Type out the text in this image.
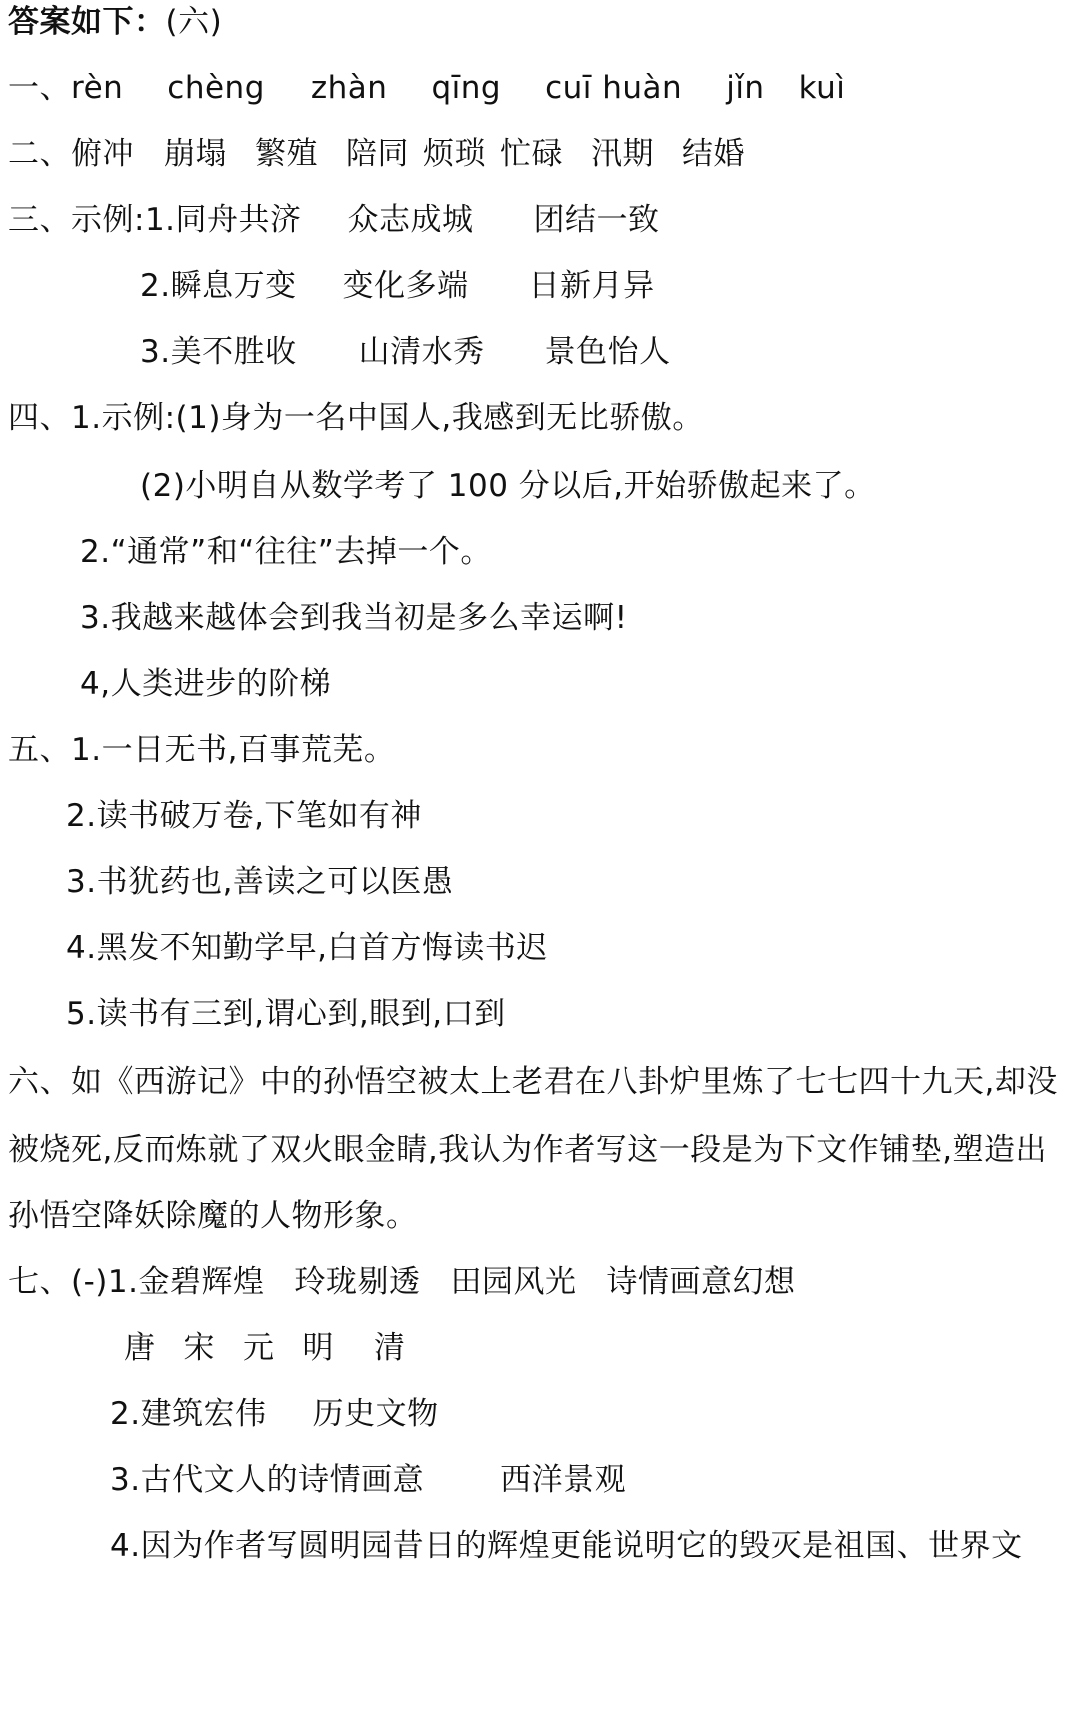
答案如下：(六)
一、rèn chèng zhàn qīng cuī huàn jǐn kuì
二、俯冲 崩塌 繁殖 陪同 烦琐 忙碌 汛期 结婚
三、示例:1.同舟共济 众志成城 团结一致
2.瞬息万变 变化多端 日新月异
3.美不胜收 山清水秀 景色怡人
四、1.示例:(1)身为一名中国人,我感到无比骄傲。
(2)小明自从数学考了 100 分以后,开始骄傲起来了。
2.“通常”和“往往”去掉一个。
3.我越来越体会到我当初是多么幸运啊!
4,人类进步的阶梯
五、1.一日无书,百事荒芜。
2.读书破万卷,下笔如有神
3.书犹药也,善读之可以医愚
4.黑发不知勤学早,白首方悔读书迟
5.读书有三到,谓心到,眼到,口到
六、如《西游记》中的孙悟空被太上老君在八卦炉里炼了七七四十九天,却没
被烧死,反而炼就了双火眼金睛,我认为作者写这一段是为下文作铺垫,塑造出
孙悟空降妖除魔的人物形象。
七、(-)1.金碧辉煌 玲珑剔透 田园风光 诗情画意幻想
唐 宋 元 明 清
2.建筑宏伟 历史文物
3.古代文人的诗情画意 西洋景观
4.因为作者写圆明园昔日的辉煌更能说明它的毁灭是祖国、世界文
